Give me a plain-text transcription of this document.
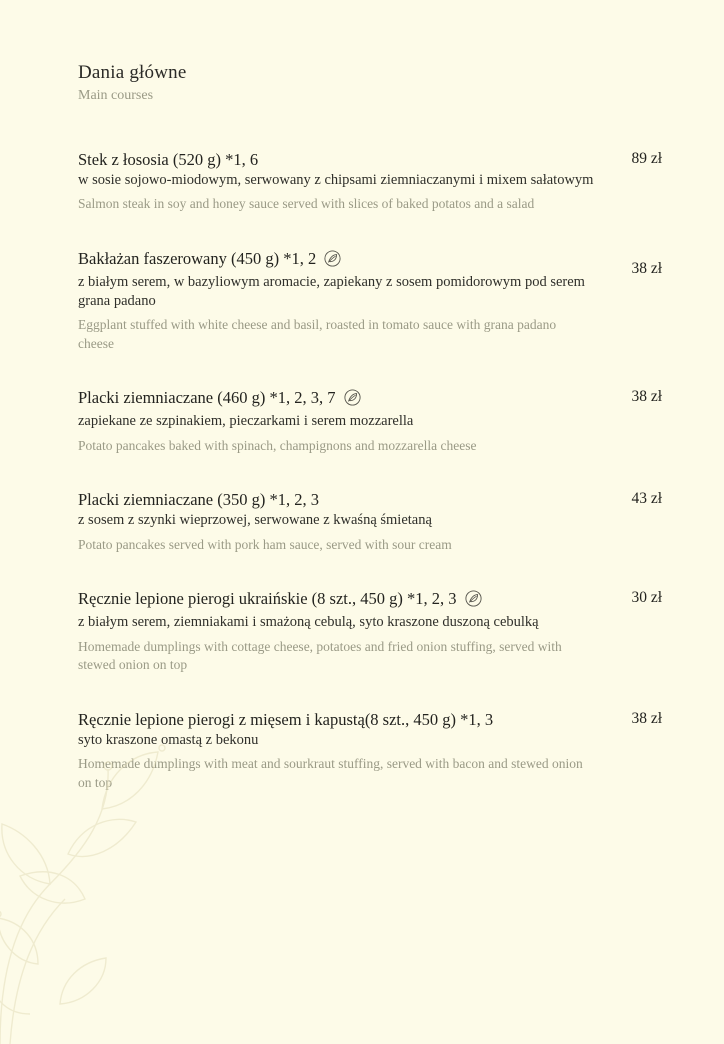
Dania główne
Main courses
Stek z łososia (520 g) *1, 6
w sosie sojowo-miodowym, serwowany z chipsami ziemniaczanymi i mixem sałatowym
Salmon steak in soy and honey sauce served with slices of baked potatos and a salad
89 zł
Bakłażan faszerowany (450 g) *1, 2
z białym serem, w bazyliowym aromacie, zapiekany z sosem pomidorowym pod serem grana padano
Eggplant stuffed with white cheese and basil, roasted in tomato sauce with grana padano cheese
38 zł
Placki ziemniaczane (460 g) *1, 2, 3, 7
zapiekane ze szpinakiem, pieczarkami i serem mozzarella
Potato pancakes baked with spinach, champignons and mozzarella cheese
38 zł
Placki ziemniaczane (350 g) *1, 2, 3
z sosem z szynki wieprzowej, serwowane z kwaśną śmietaną
Potato pancakes served with pork ham sauce, served with sour cream
43 zł
Ręcznie lepione pierogi ukraińskie (8 szt., 450 g) *1, 2, 3
z białym serem, ziemniakami i smażoną cebulą, syto kraszone duszoną cebulką
Homemade dumplings with cottage cheese, potatoes and fried onion stuffing, served with stewed onion on top
30 zł
Ręcznie lepione pierogi z mięsem i kapustą(8 szt., 450 g) *1, 3
syto kraszone omastą z bekonu
Homemade dumplings with meat and sourkraut stuffing, served with bacon and stewed onion on top
38 zł
